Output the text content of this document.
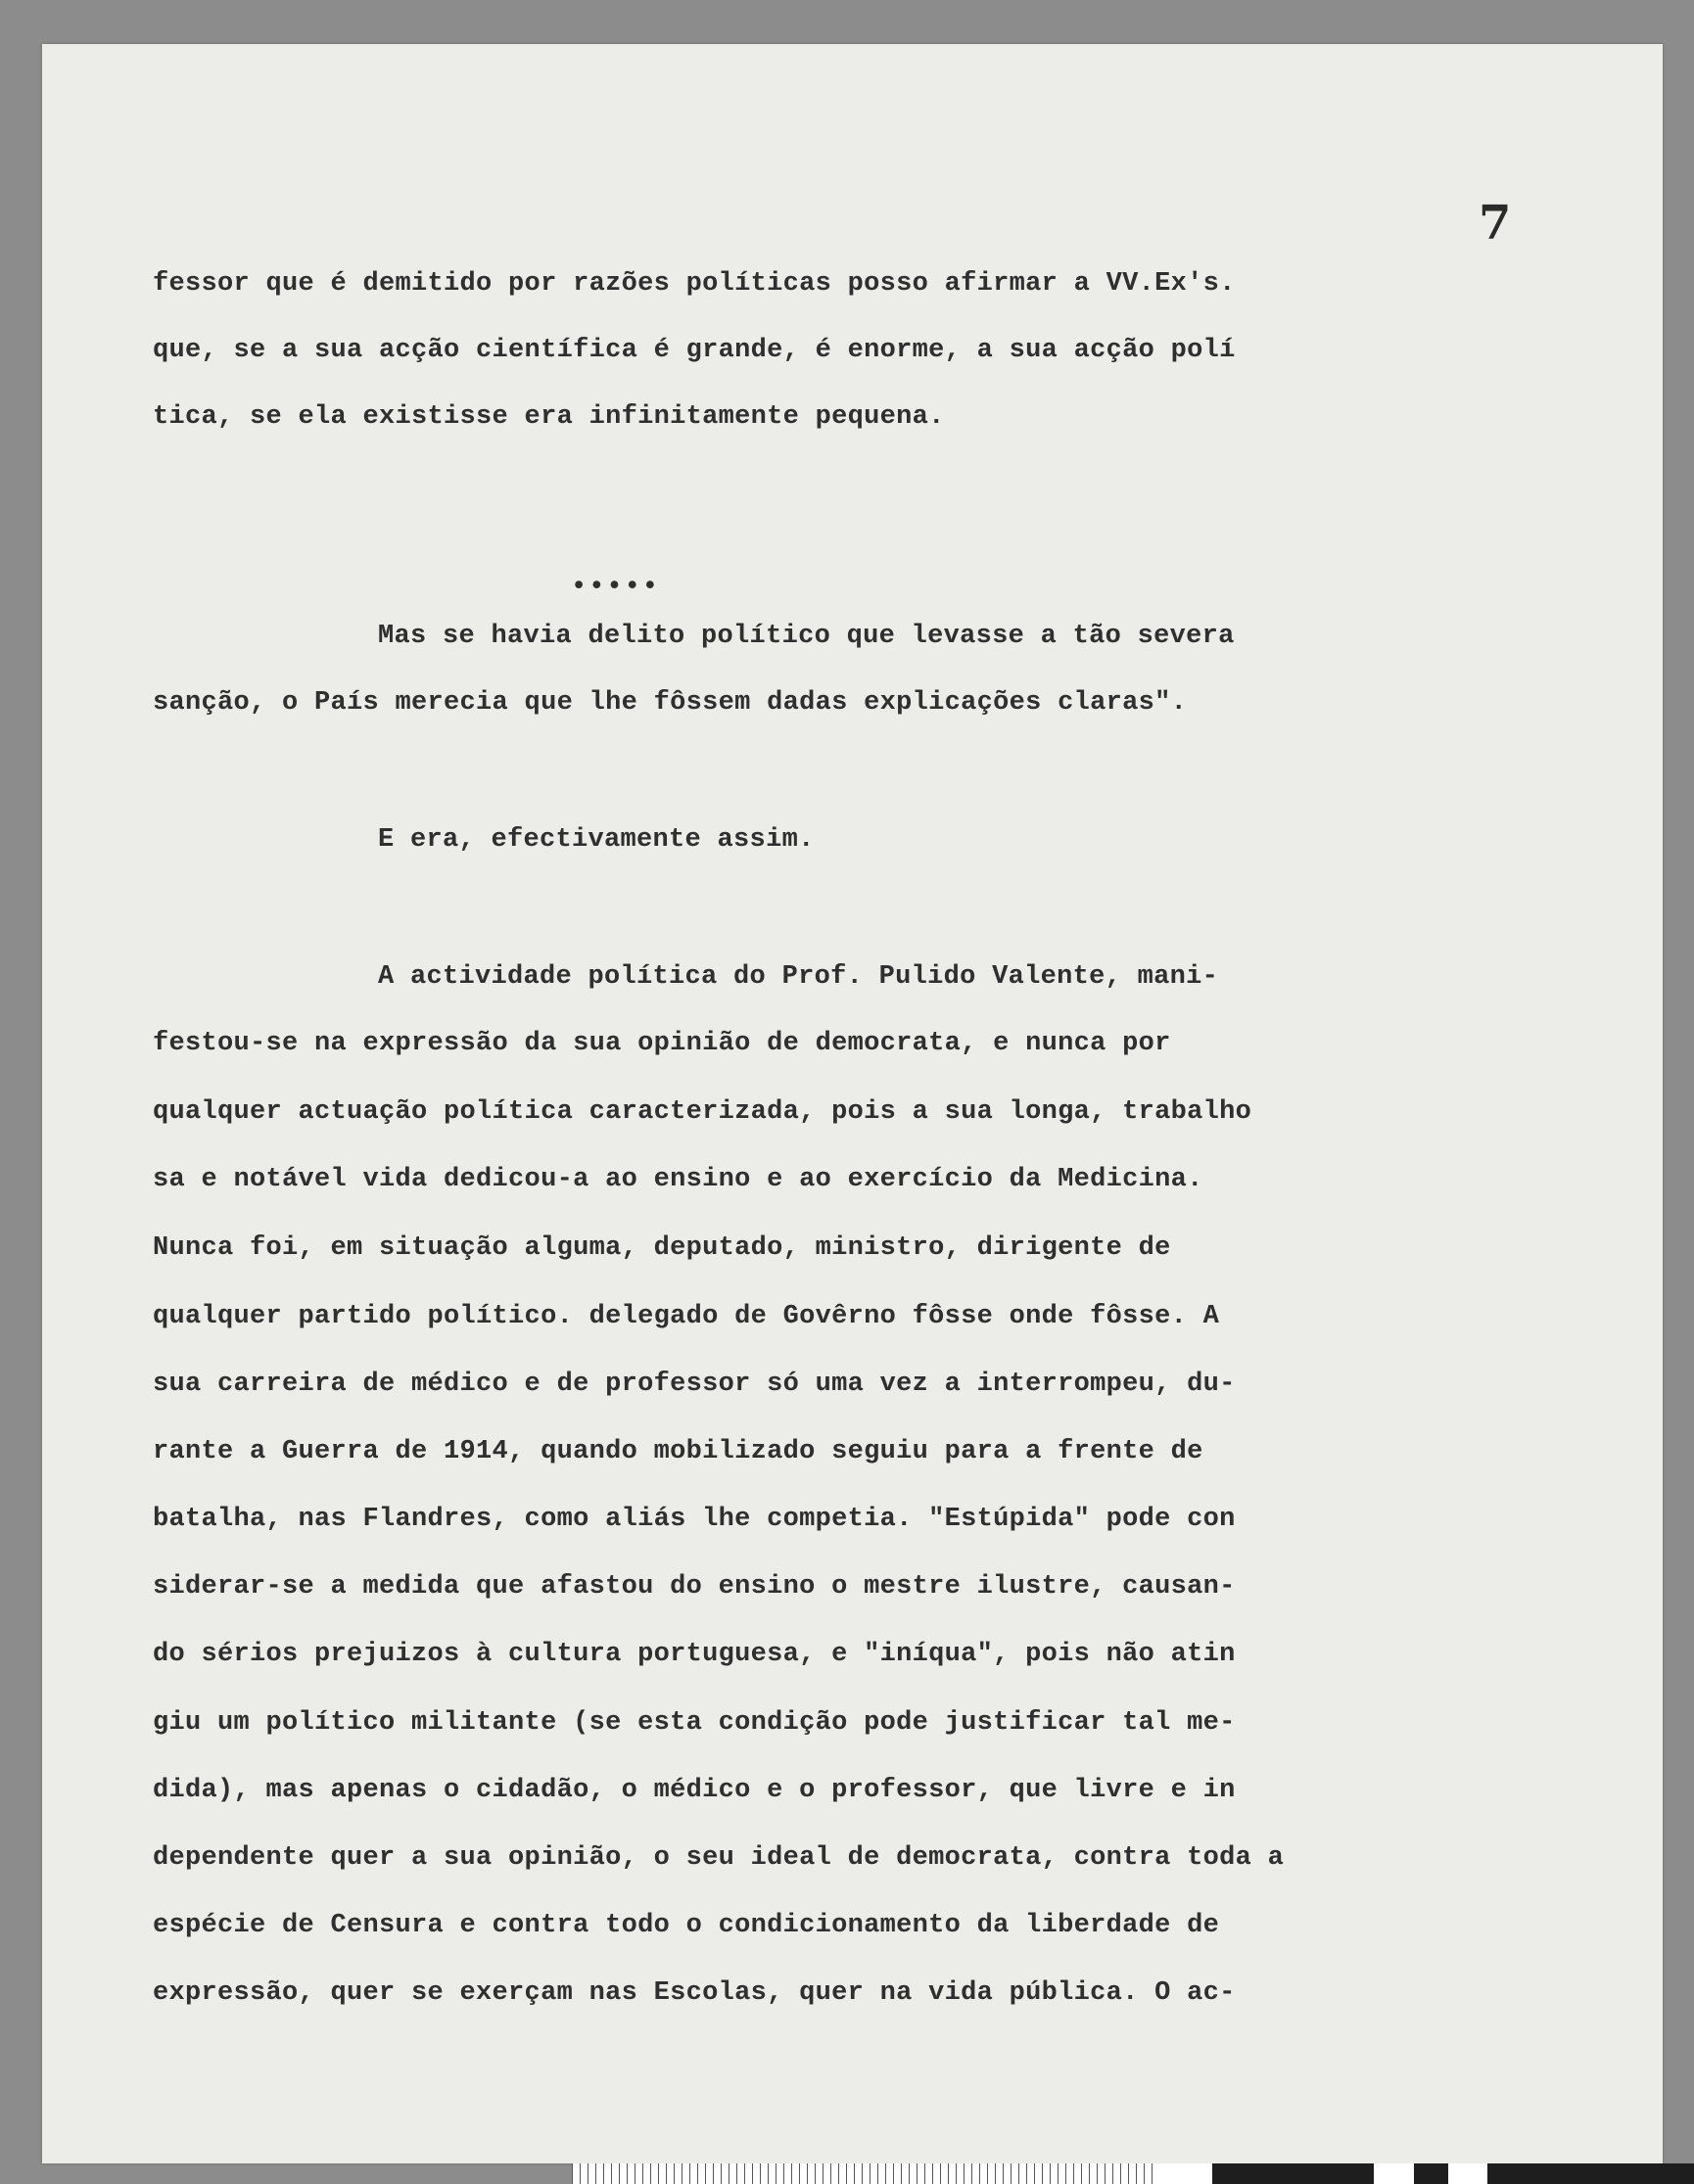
7

fessor que é demitido por razões políticas posso afirmar a VV.Ex's.

que, se a sua acção científica é grande, é enorme, a sua acção polí

tica, se ela existisse era infinitamente pequena.

•••••

Mas se havia delito político que levasse a tão severa

sanção, o País merecia que lhe fôssem dadas explicações claras".

E era, efectivamente assim.

A actividade política do Prof. Pulido Valente, mani-

festou-se na expressão da sua opinião de democrata, e nunca por

qualquer actuação política caracterizada, pois a sua longa, trabalho

sa e notável vida dedicou-a ao ensino e ao exercício da Medicina.

Nunca foi, em situação alguma, deputado, ministro, dirigente de

qualquer partido político. delegado de Govêrno fôsse onde fôsse. A

sua carreira de médico e de professor só uma vez a interrompeu, du-

rante a Guerra de 1914, quando mobilizado seguiu para a frente de

batalha, nas Flandres, como aliás lhe competia. "Estúpida" pode con

siderar-se a medida que afastou do ensino o mestre ilustre, causan-

do sérios prejuizos à cultura portuguesa, e "iníqua", pois não atin

giu um político militante (se esta condição pode justificar tal me-

dida), mas apenas o cidadão, o médico e o professor, que livre e in

dependente quer a sua opinião, o seu ideal de democrata, contra toda a

espécie de Censura e contra todo o condicionamento da liberdade de

expressão, quer se exerçam nas Escolas, quer na vida pública. O ac-
